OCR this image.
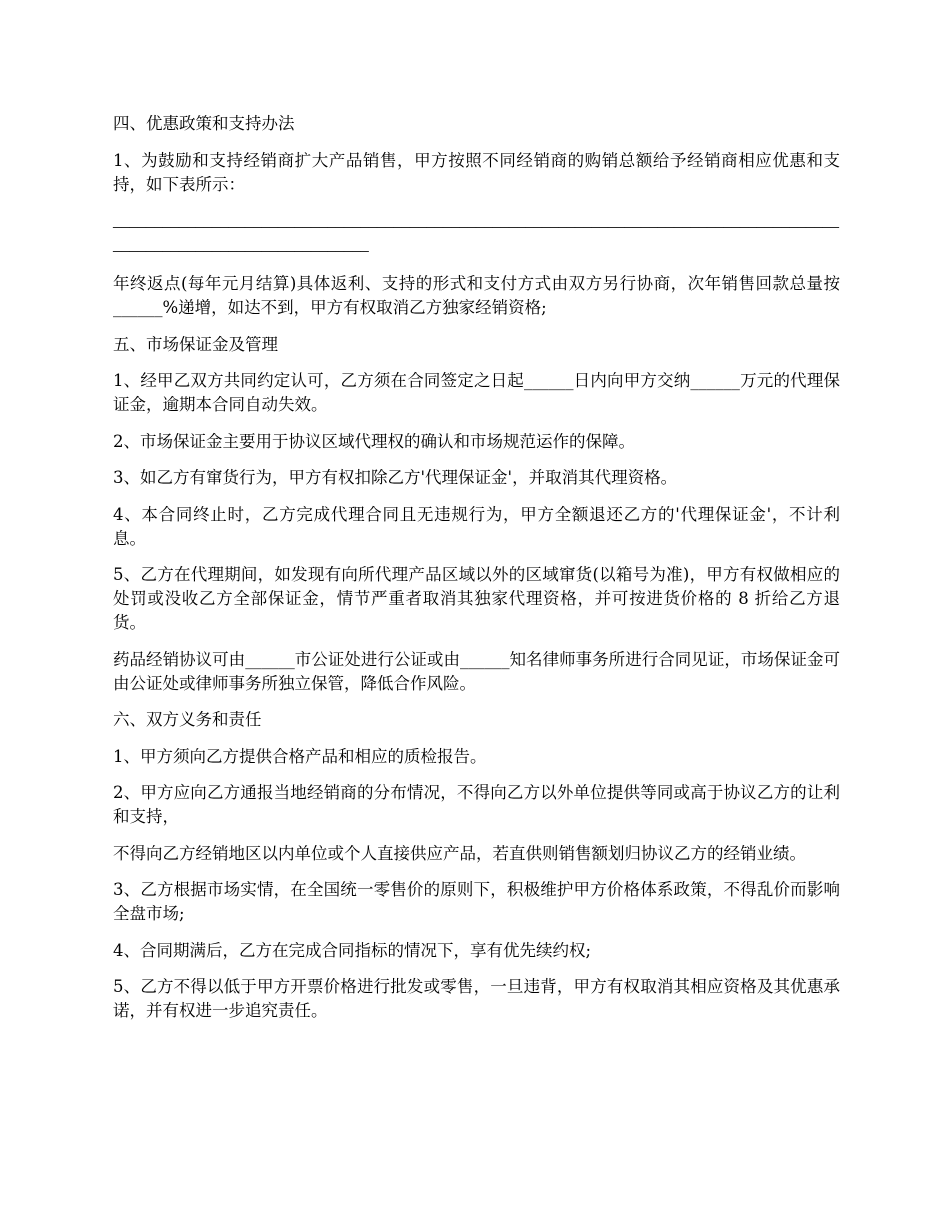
四、优惠政策和支持办法

1、为鼓励和支持经销商扩大产品销售，甲方按照不同经销商的购销总额给予经销商相应优惠和支持，如下表所示：

_______________________________________________________________________________________________________________________

年终返点(每年元月结算)具体返利、支持的形式和支付方式由双方另行协商，次年销售回款总量按______%递增，如达不到，甲方有权取消乙方独家经销资格;

五、市场保证金及管理

1、经甲乙双方共同约定认可，乙方须在合同签定之日起______日内向甲方交纳______万元的代理保证金，逾期本合同自动失效。

2、市场保证金主要用于协议区域代理权的确认和市场规范运作的保障。

3、如乙方有窜货行为，甲方有权扣除乙方'代理保证金'，并取消其代理资格。

4、本合同终止时，乙方完成代理合同且无违规行为，甲方全额退还乙方的'代理保证金'，不计利息。

5、乙方在代理期间，如发现有向所代理产品区域以外的区域窜货(以箱号为准)，甲方有权做相应的处罚或没收乙方全部保证金，情节严重者取消其独家代理资格，并可按进货价格的 8 折给乙方退货。

药品经销协议可由______市公证处进行公证或由______知名律师事务所进行合同见证，市场保证金可由公证处或律师事务所独立保管，降低合作风险。

六、双方义务和责任

1、甲方须向乙方提供合格产品和相应的质检报告。

2、甲方应向乙方通报当地经销商的分布情况，不得向乙方以外单位提供等同或高于协议乙方的让利和支持，

不得向乙方经销地区以内单位或个人直接供应产品，若直供则销售额划归协议乙方的经销业绩。

3、乙方根据市场实情，在全国统一零售价的原则下，积极维护甲方价格体系政策，不得乱价而影响全盘市场;

4、合同期满后，乙方在完成合同指标的情况下，享有优先续约权;

5、乙方不得以低于甲方开票价格进行批发或零售，一旦违背，甲方有权取消其相应资格及其优惠承诺，并有权进一步追究责任。
